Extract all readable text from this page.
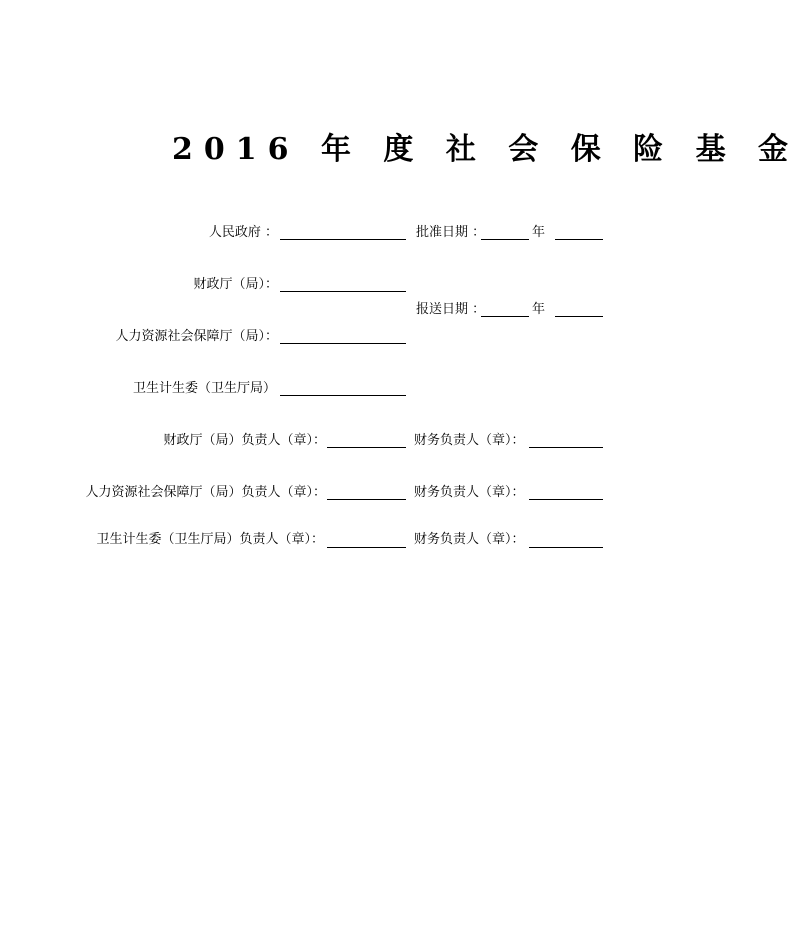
2016 年 度 社 会 保 险 基 金
人民政府 ：	批准日期 ：	年
财政厅（局）：
报送日期 ：	年
人力资源社会保障厅（局）：
卫生计生委（卫生厅局）
财政厅（局）负责人（章）：	财务负责人（章）：
人力资源社会保障厅（局）负责人（章）：	财务负责人（章）：
卫生计生委（卫生厅局）负责人（章）：	财务负责人（章）：
